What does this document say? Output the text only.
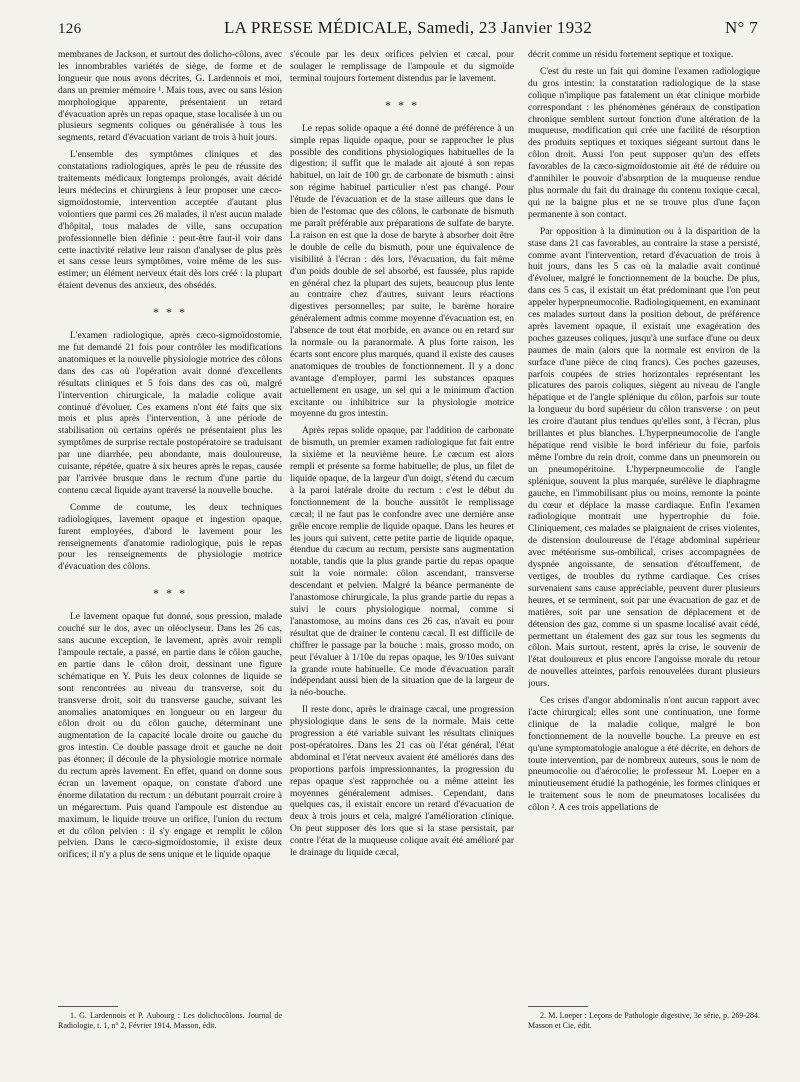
126	LA PRESSE MÉDICALE, Samedi, 23 Janvier 1932	N° 7

membranes de Jackson, et surtout des dolicho-côlons, avec les innombrables variétés de siège, de forme et de longueur que nous avons décrites, G. Lardennois et moi, dans un premier mémoire ¹. Mais tous, avec ou sans lésion morphologique apparente, présentaient un retard d'évacuation après un repas opaque, stase localisée à un ou plusieurs segments coliques ou généralisée à tous les segments, retard d'évacuation variant de trois à huit jours.

L'ensemble des symptômes cliniques et des constatations radiologiques, après le peu de réussite des traitements médicaux longtemps prolongés, avait décidé leurs médecins et chirurgiens à leur proposer une cæco-sigmoïdostomie, intervention acceptée d'autant plus volontiers que parmi ces 26 malades, il n'est aucun malade d'hôpital, tous malades de ville, sans occupation professionnelle bien définie : peut-être faut-il voir dans cette inactivité relative leur raison d'analyser de plus près et sans cesse leurs symptômes, voire même de les sus-estimer; un élément nerveux était dès lors créé : la plupart étaient devenus des anxieux, des obsédés.

* * *

L'examen radiologique, après cæco-sigmoïdostomie, me fut demandé 21 fois pour contrôler les modifications anatomiques et la nouvelle physiologie motrice des côlons dans des cas où l'opération avait donné d'excellents résultats cliniques et 5 fois dans des cas où, malgré l'intervention chirurgicale, la maladie colique avait continué d'évoluer. Ces examens n'ont été faits que six mois et plus après l'intervention, à une période de stabilisation où certains opérés ne présentaient plus les symptômes de surprise rectale postopératoire se traduisant par une diarrhée, peu abondante, mais douloureuse, cuisante, répétée, quatre à six heures après le repas, causée par l'arrivée brusque dans le rectum d'une partie du contenu cæcal liquide ayant traversé la nouvelle bouche.

Comme de coutume, les deux techniques radiologiques, lavement opaque et ingestion opaque, furent employées, d'abord le lavement pour les renseignements d'anatomie radiologique, puis le repas pour les renseignements de physiologie motrice d'évacuation des côlons.

* * *

Le lavement opaque fut donné, sous pression, malade couché sur le dos, avec un oléoclyseur. Dans les 26 cas, sans aucune exception, le lavement, après avoir rempli l'ampoule rectale, a passé, en partie dans le côlon gauche, en partie dans le côlon droit, dessinant une figure schématique en Y. Puis les deux colonnes de liquide se sont rencontrées au niveau du transverse, soit du transverse droit, soit du transverse gauche, suivant les anomalies anatomiques en longueur ou en largeur du côlon droit ou du côlon gauche, déterminant une augmentation de la capacité locale droite ou gauche du gros intestin. Ce double passage droit et gauche ne doit pas étonner; il découle de la physiologie motrice normale du rectum après lavement. En effet, quand on donne sous écran un lavement opaque, on constate d'abord une énorme dilatation du rectum : un débutant pourrait croire à un mégarectum. Puis quand l'ampoule est distendue au maximum, le liquide trouve un orifice, l'union du rectum et du côlon pelvien : il s'y engage et remplit le côlon pelvien. Dans le cæco-sigmoïdostomie, il existe deux orifices; il n'y a plus de sens unique et le liquide opaque

1. G. Lardennois et P. Aubourg : Les dolichocôlons. Journal de Radiologie, t. 1, n° 2, Février 1914. Masson, édit.

s'écoule par les deux orifices pelvien et cæcal, pour soulager le remplissage de l'ampoule et du sigmoïde terminal toujours fortement distendus par le lavement.

* * *

Le repas solide opaque a été donné de préférence à un simple repas liquide opaque, pour se rapprocher le plus possible des conditions physiologiques habituelles de la digestion; il suffit que le malade ait ajouté à son repas habituel, un lait de 100 gr. de carbonate de bismuth : ainsi son régime habituel particulier n'est pas changé. Pour l'étude de l'évacuation et de la stase ailleurs que dans le bien de l'estomac que des côlons, le carbonate de bismuth me paraît préférable aux préparations de sulfate de baryte. La raison en est que la dose de baryte à absorber doit être le double de celle du bismuth, pour une équivalence de visibilité à l'écran : dès lors, l'évacuation, du fait même d'un poids double de sel absorbé, est faussée, plus rapide en général chez la plupart des sujets, beaucoup plus lente au contraire chez d'autres, suivant leurs réactions digestives personnelles; par suite, le barème horaire généralement admis comme moyenne d'évacuation est, en l'absence de tout état morbide, en avance ou en retard sur la normale ou la paranormale. A plus forte raison, les écarts sont encore plus marqués, quand il existe des causes anatomiques de troubles de fonctionnement. Il y a donc avantage d'employer, parmi les substances opaques actuellement en usage, un sel qui a le minimum d'action excitante ou inhibitrice sur la physiologie motrice moyenne du gros intestin.

Après repas solide opaque, par l'addition de carbonate de bismuth, un premier examen radiologique fut fait entre la sixième et la neuvième heure. Le cæcum est alors rempli et présente sa forme habituelle; de plus, un filet de liquide opaque, de la largeur d'un doigt, s'étend du cæcum à la paroi latérale droite du rectum : c'est le début du fonctionnement de la bouche aussitôt le remplissage cæcal; il ne faut pas le confondre avec une dernière anse grêle encore remplie de liquide opaque. Dans les heures et les jours qui suivent, cette petite partie de liquide opaque, étendue du cæcum au rectum, persiste sans augmentation notable, tandis que la plus grande partie du repas opaque suit la voie normale: côlon ascendant, transverse descendant et pelvien. Malgré la béance permanente de l'anastomose chirurgicale, la plus grande partie du repas a suivi le cours physiologique normal, comme si l'anastomose, au moins dans ces 26 cas, n'avait eu pour résultat que de drainer le contenu cæcal. Il est difficile de chiffrer le passage par la bouche : mais, grosso modo, on peut l'évaluer à 1/10e du repas opaque, les 9/10es suivant la grande route habituelle. Ce mode d'évacuation paraît indépendant aussi bien de la situation que de la largeur de la néo-bouche.

Il reste donc, après le drainage cæcal, une progression physiologique dans le sens de la normale. Mais cette progression a été variable suivant les résultats cliniques post-opératoires. Dans les 21 cas où l'état général, l'état abdominal et l'état nerveux avaient été améliorés dans des proportions parfois impressionnantes, la progression du repas opaque s'est rapprochée ou a même atteint les moyennes généralement admises. Cependant, dans quelques cas, il existait encore un retard d'évacuation de deux à trois jours et cela, malgré l'amélioration clinique. On peut supposer dès lors que si la stase persistait, par contre l'état de la muqueuse colique avait été amélioré par le drainage du liquide cæcal,

décrit comme un résidu fortement septique et toxique.

C'est du reste un fait qui domine l'examen radiologique du gros intestin: la constatation radiologique de la stase colique n'implique pas fatalement un état clinique morbide correspondant : les phénomènes généraux de constipation chronique semblent surtout fonction d'une altération de la muqueuse, modification qui crée une facilité de résorption des produits septiques et toxiques siégeant surtout dans le côlon droit. Aussi l'on peut supposer qu'un des effets favorables de la cæco-sigmoïdostomie ait été de réduire ou d'annihiler le pouvoir d'absorption de la muqueuse rendue plus normale du fait du drainage du contenu toxique cæcal, qui ne la baigne plus et ne se trouve plus d'une façon permanente à son contact.

Par opposition à la diminution ou à la disparition de la stase dans 21 cas favorables, au contraire la stase a persisté, comme avant l'intervention, retard d'évacuation de trois à huit jours, dans les 5 cas où la maladie avait continué d'évoluer, malgré le fonctionnement de la bouche. De plus, dans ces 5 cas, il existait un état prédominant que l'on peut appeler hyperpneumocolie. Radiologiquement, en examinant ces malades surtout dans la position debout, de préférence après lavement opaque, il existait une exagération des poches gazeuses coliques, jusqu'à une surface d'une ou deux paumes de main (alors que la normale est environ de la surface d'une pièce de cinq francs). Ces poches gazeuses, parfois coupées de stries horizontales représentant les plicatures des parois coliques, siègent au niveau de l'angle hépatique et de l'angle splénique du côlon, parfois sur toute la longueur du bord supérieur du côlon transverse : on peut les croire d'autant plus tendues qu'elles sont, à l'écran, plus brillantes et plus blanches. L'hyperpneumocolie de l'angle hépatique rend visible le bord inférieur du foie, parfois même l'ombre du rein droit, comme dans un pneumorein ou un pneumopéritoine. L'hyperpneumocolie de l'angle splénique, souvent la plus marquée, surélève le diaphragme gauche, en l'immobilisant plus ou moins, remonte la pointe du cœur et déplace la masse cardiaque. Enfin l'examen radiologique montrait une hypertrophie du foie. Cliniquement, ces malades se plaignaient de crises violentes, de distension douloureuse de l'étage abdominal supérieur avec météorisme sus-ombilical, crises accompagnées de dyspnée angoissante, de sensation d'étouffement, de vertiges, de troubles du rythme cardiaque. Ces crises survenaient sans cause appréciable, peuvent durer plusieurs heures, et se terminent, soit par une évacuation de gaz et de matières, soit par une sensation de déplacement et de détension des gaz, comme si un spasme localisé avait cédé, permettant un étalement des gaz sur tous les segments du côlon. Mais surtout, restent, après la crise, le souvenir de l'état douloureux et plus encore l'angoisse morale du retour de nouvelles atteintes, parfois renouvelées durant plusieurs jours.

Ces crises d'angor abdominalis n'ont aucun rapport avec l'acte chirurgical; elles sont une continuation, une forme clinique de la maladie colique, malgré le bon fonctionnement de la nouvelle bouche. La preuve en est qu'une symptomatologie analogue a été décrite, en dehors de toute intervention, par de nombreux auteurs, sous le nom de pneumocolie ou d'aérocolie; le professeur M. Loeper en a minutieusement étudié la pathogénie, les formes cliniques et le traitement sous le nom de pneumatoses localisées du côlon ². A ces trois appellations de

2. M. Loeper : Leçons de Pathologie digestive, 3e série, p. 269-284. Masson et Cie, édit.
